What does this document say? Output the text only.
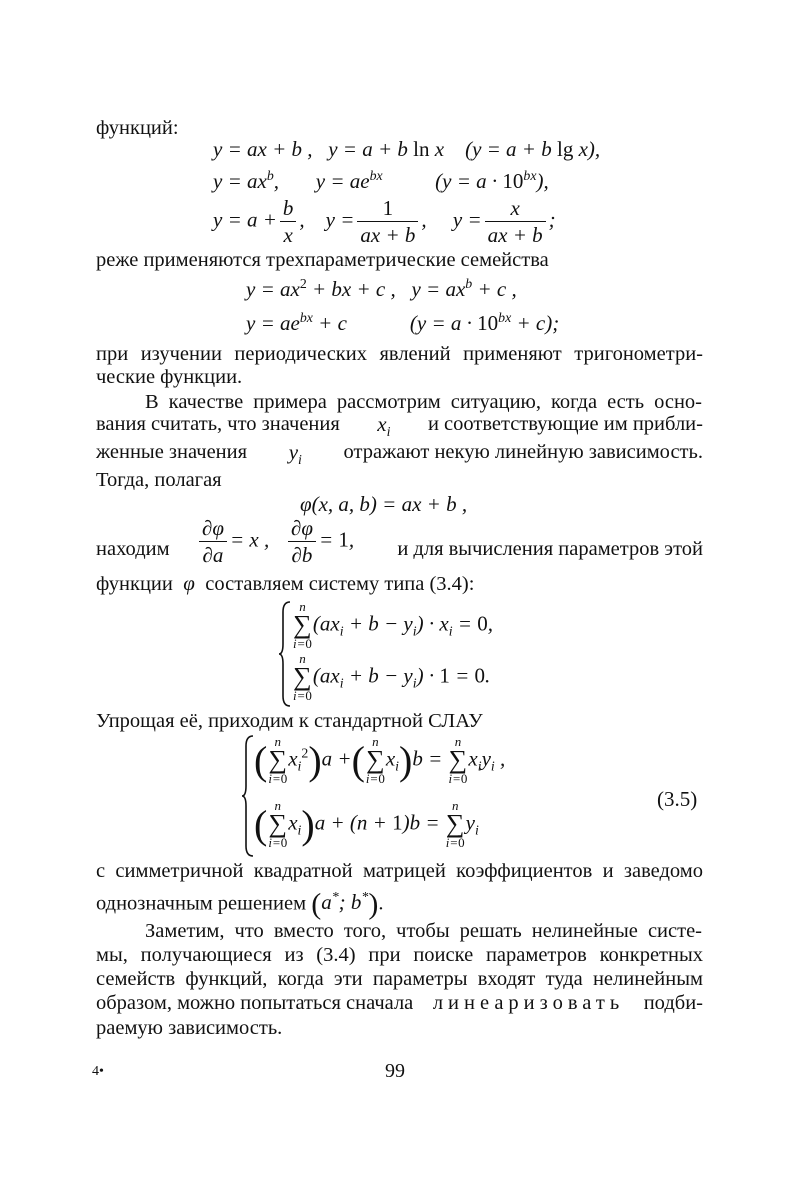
функций:
y = ax + b ,   y = a + b ln x    (y = a + b lg x),
$y = ax^b$,       $y = ae^{bx}$          $(y = a \cdot 10^{bx})$,
$y = a + \frac{b}{x}$ ,    $y = \frac{1}{ax + b}$ ,     $y = \frac{x}{ax + b}$ ;
реже применяются трехпараметрические семейства
$y = ax^2$ + bx + c ,   $y = ax^b + c$ ,
$y = ae^{bx} + c$            $(y = a \cdot 10^{bx} + c)$;
при изучении периодических явлений применяют тригонометри-
ческие функции.
В качестве примера рассмотрим ситуацию, когда есть осно-
вания считать, что значения $x_i$ и соответствующие им прибли-
женные значения $y_i$ отражают некую линейную зависимость.
Тогда, полагая
φ(x, a, b) = ax + b ,
находим $\frac{\partial\varphi}{\partial a} = x$ , $\frac{\partial\varphi}{\partial b} = 1$,	и для вычисления параметров этой
функции  φ  составляем систему типа (3.4):
n
∑
i=0
$(ax_i + b - y_i) \cdot x_i = 0$,
n
∑
i=0
$(ax_i + b - y_i) \cdot 1 = 0$.
Упрощая её, приходим к стандартной СЛАУ
( n
∑
i=0
$x_i^2)a$ +( n
∑
i=0
$x_i)b$ =
n
∑
i=0
$x_iy_i$ ,
( n
∑
i=0
$x_i)a + (n + 1)b$ =
n
∑
i=0
$y_i$
(3.5)
с симметричной квадратной матрицей коэффициентов и заведомо
однозначным решением (a*; b*).
Заметим, что вместо того, чтобы решать нелинейные систе-
мы, получающиеся из (3.4) при поиске параметров конкретных
семейств функций, когда эти параметры входят туда нелинейным
образом, можно попытаться сначала линеаризовать подби-
раемую зависимость.
4•	99
